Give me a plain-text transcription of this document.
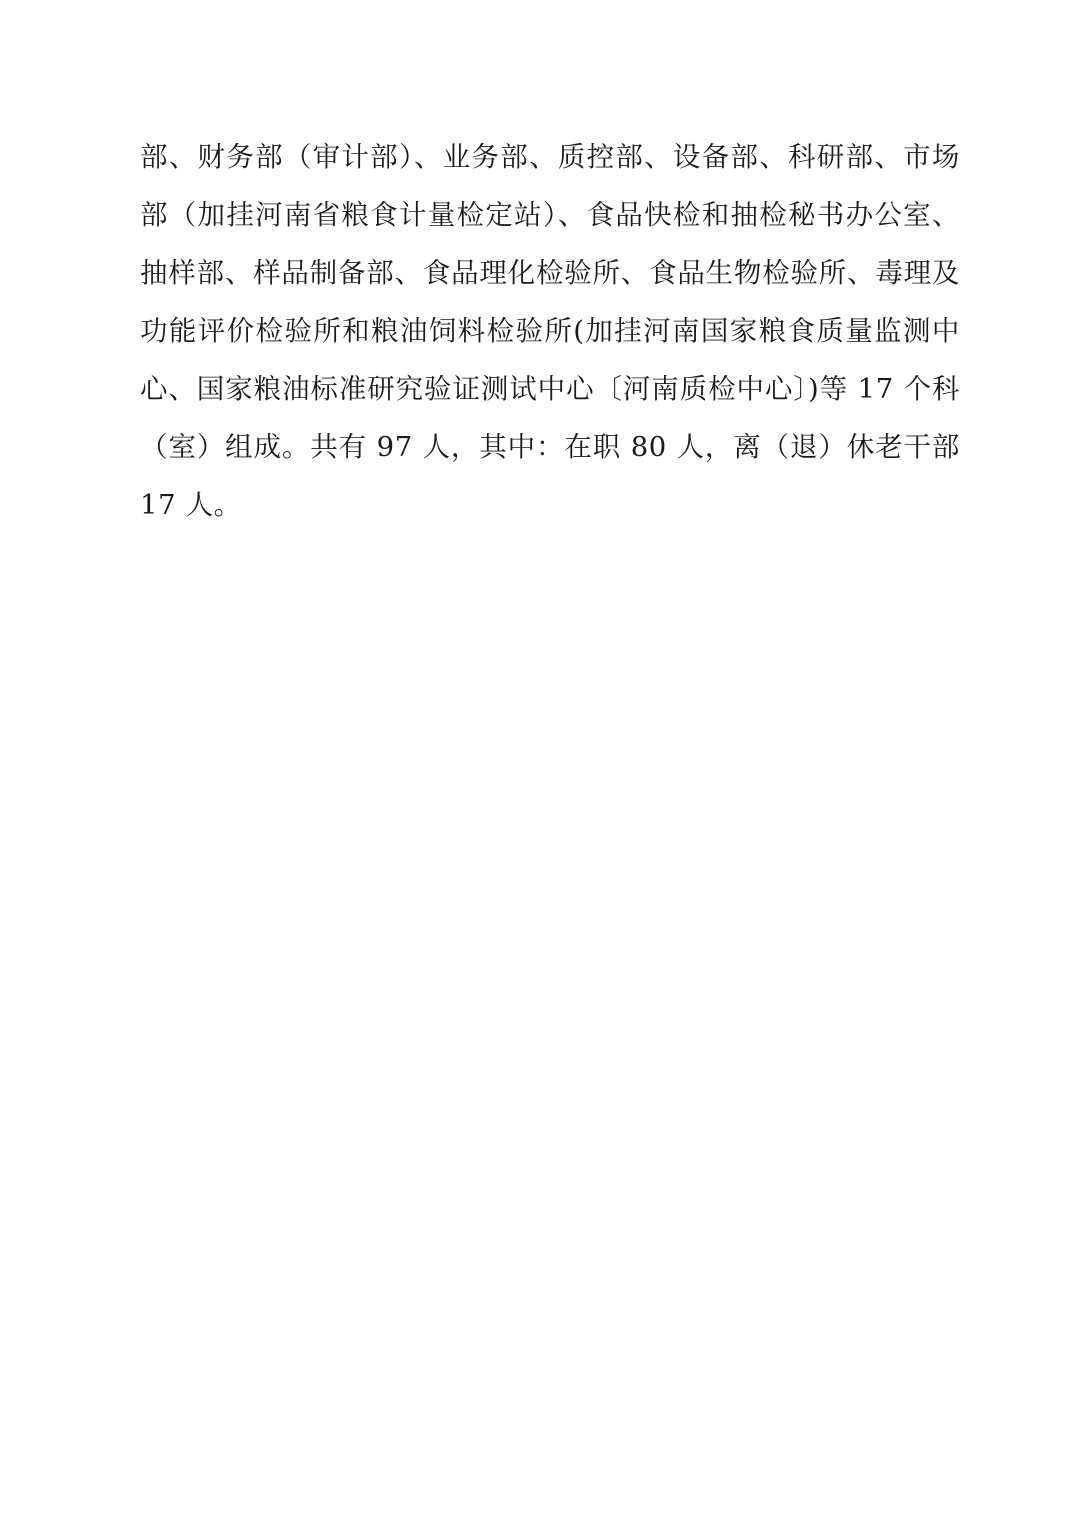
部、财务部（审计部）、业务部、质控部、设备部、科研部、市场部（加挂河南省粮食计量检定站）、食品快检和抽检秘书办公室、抽样部、样品制备部、食品理化检验所、食品生物检验所、毒理及功能评价检验所和粮油饲料检验所(加挂河南国家粮食质量监测中心、国家粮油标准研究验证测试中心〔河南质检中心〕)等 17 个科（室）组成。共有 97 人，其中：在职 80 人，离（退）休老干部 17 人。
